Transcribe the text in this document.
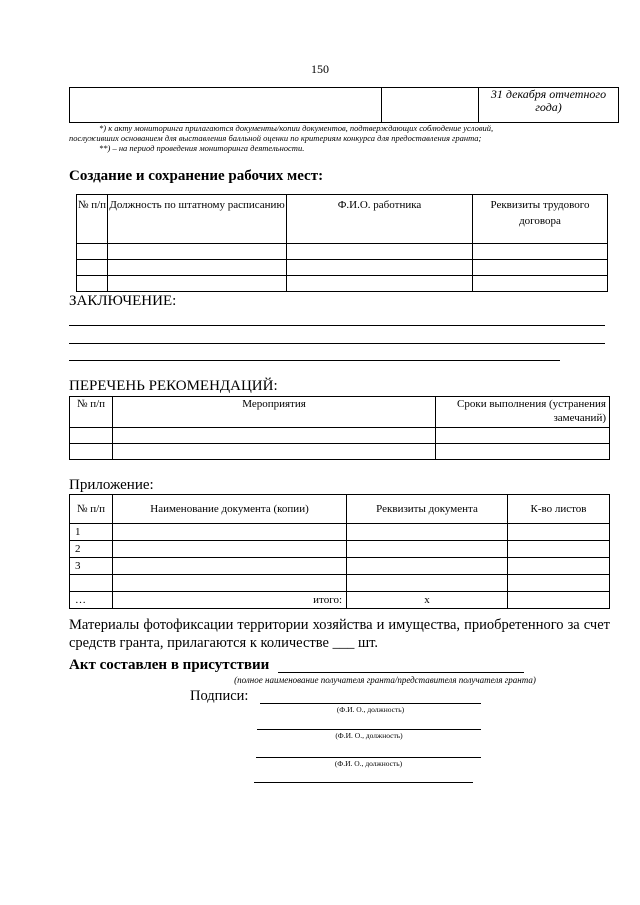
150
		31 декабря отчетного года)
*) к акту мониторинга прилагаются документы/копии документов, подтверждающих соблюдение условий,
послуживших основанием для выставления балльной оценки по критериям конкурса для предоставления гранта;
**) – на период проведения мониторинга деятельности.
Создание и сохранение рабочих мест:
№ п/п	Должность по штатному расписанию	Ф.И.О. работника	Реквизиты трудового договора

ЗАКЛЮЧЕНИЕ:
ПЕРЕЧЕНЬ РЕКОМЕНДАЦИЙ:
№ п/п	Мероприятия	Сроки выполнения (устранения замечаний)

Приложение:
№ п/п	Наименование документа (копии)	Реквизиты документа	К-во листов
1			
2			
3			

…	итого:	х	
Материалы фотофиксации территории хозяйства и имущества, приобретенного за счет средств гранта, прилагаются к количестве ___ шт.
Акт составлен в присутствии
(полное наименование получателя гранта/представителя получателя гранта)
Подписи:
(Ф.И. О., должность)
(Ф.И. О., должность)
(Ф.И. О., должность)
